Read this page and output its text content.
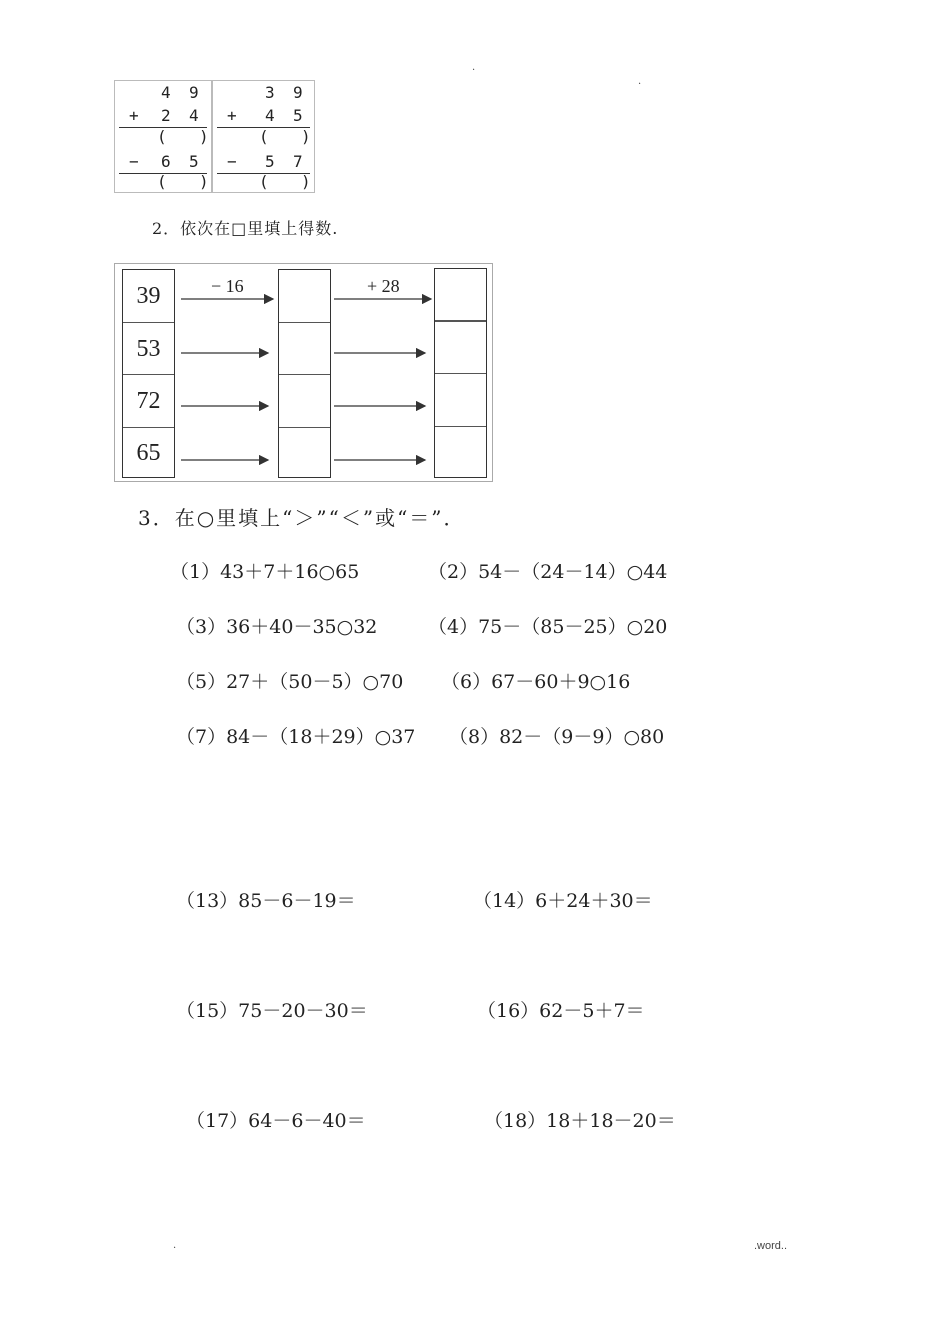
.
.
4 9
+ 2 4
( )
− 6 5
( )
3 9
+ 4 5
( )
− 5 7
( )
2．依次在□里填上得数.
39
53
72
65
− 16	+ 28
3．在○里填上“＞”“＜”或“＝”．
（1）43＋7＋16○65	（2）54－（24－14）○44
（3）36＋40－35○32	（4）75－（85－25）○20
（5）27＋（50－5）○70 （6）67－60＋9○16
（7）84－（18＋29）○37 （8）82－（9－9）○80
（13）85－6－19＝	（14）6＋24＋30＝
（15）75－20－30＝	（16）62－5＋7＝
（17）64－6－40＝	（18）18＋18－20＝
.	.word..
